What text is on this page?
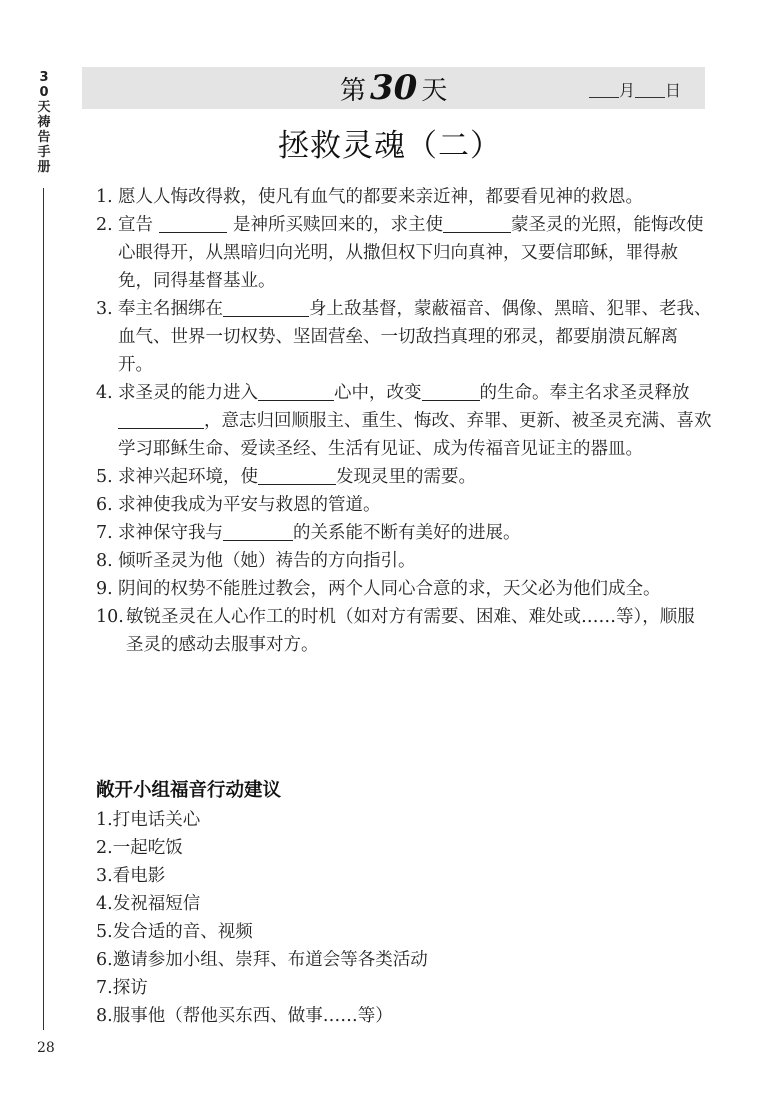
3
0
天
祷
告
手
册
28
第 30 天	月 日
拯救灵魂（二）
1. 愿人人悔改得救，使凡有血气的都要来亲近神，都要看见神的救恩。
2. 宣告	是神所买赎回来的，求主使	蒙圣灵的光照，能悔改使心眼得开，从黑暗归向光明，从撒但权下归向真神，又要信耶稣，罪得赦免，同得基督基业。
3. 奉主名捆绑在	身上敌基督，蒙蔽福音、偶像、黑暗、犯罪、老我、血气、世界一切权势、坚固营垒、一切敌挡真理的邪灵，都要崩溃瓦解离开。
4. 求圣灵的能力进入	心中，改变	的生命。奉主名求圣灵释放，意志归回顺服主、重生、悔改、弃罪、更新、被圣灵充满、喜欢学习耶稣生命、爱读圣经、生活有见证、成为传福音见证主的器皿。
5. 求神兴起环境，使	发现灵里的需要。
6. 求神使我成为平安与救恩的管道。
7. 求神保守我与	的关系能不断有美好的进展。
8. 倾听圣灵为他（她）祷告的方向指引。
9. 阴间的权势不能胜过教会，两个人同心合意的求，天父必为他们成全。
10. 敏锐圣灵在人心作工的时机（如对方有需要、困难、难处或……等），顺服圣灵的感动去服事对方。
敞开小组福音行动建议
1.打电话关心
2.一起吃饭
3.看电影
4.发祝福短信
5.发合适的音、视频
6.邀请参加小组、崇拜、布道会等各类活动
7.探访
8.服事他（帮他买东西、做事……等）
